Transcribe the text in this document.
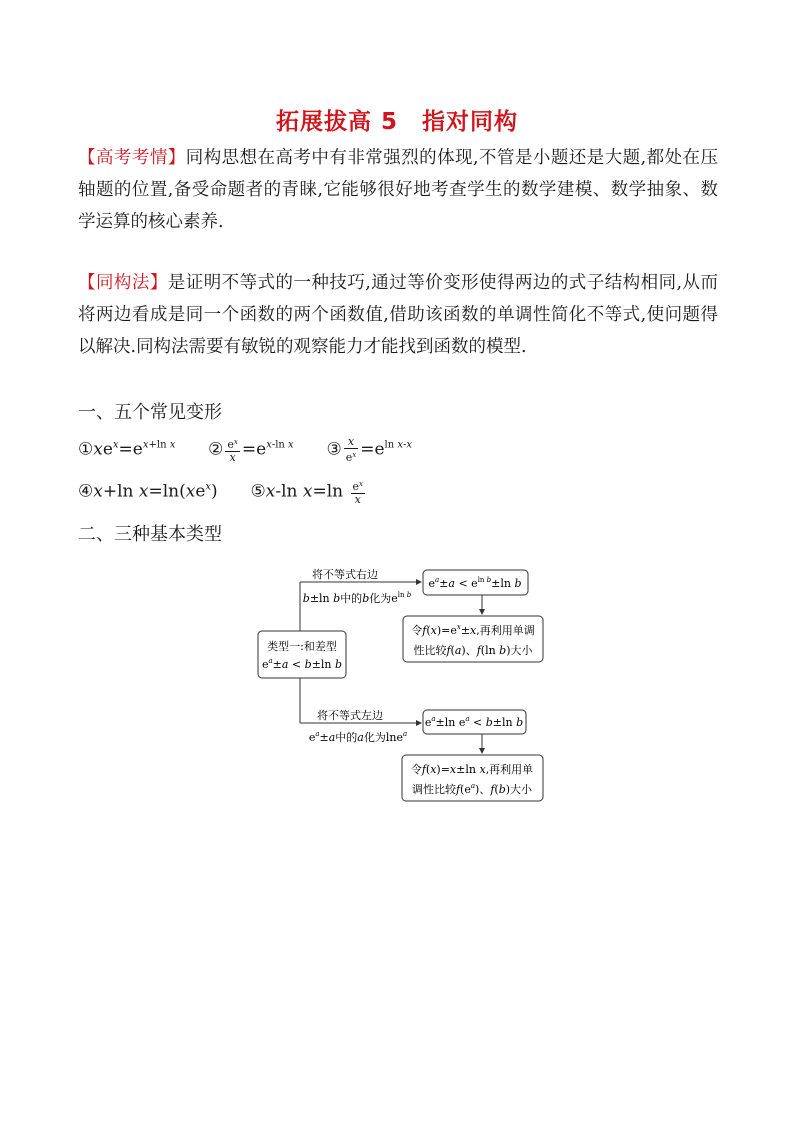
拓展拔高 5 指对同构
【高考考情】同构思想在高考中有非常强烈的体现,不管是小题还是大题,都处在压轴题的位置,备受命题者的青睐,它能够很好地考查学生的数学建模、数学抽象、数学运算的核心素养.
【同构法】是证明不等式的一种技巧,通过等价变形使得两边的式子结构相同,从而将两边看成是同一个函数的两个函数值,借助该函数的单调性简化不等式,使问题得以解决.同构法需要有敏锐的观察能力才能找到函数的模型.
一、五个常见变形
$①xe^x=e^{x+ln x}$ ② $\frac{e^x}{x} =e^{x-ln x}$ ③ $\frac{x}{e^x} =e^{ln x-x}$
④x+ln $x=\ln(xe^x)$  ⑤x-ln $x=\ln \frac{e^x}{x}$
二、三种基本类型
类型一:和差型
$e^a\pm a < b\pm\ln$ b
将不等式右边
b±ln b中的b化为$e^{ln b}$
$e^a\pm a < e^{ln b}\pm\ln$ b
令$f(x)=e^x\pm x$,再利用单调
性比较f(a)、f(ln b)大小
将不等式左边
$e^a\pm a$中的a化为lne$^a$
$e^a\pm\ln$ $e^a < b\pm\ln$ b
令f(x)=x±ln x,再利用单
调性比较$f(e^a)$、f(b)大小
